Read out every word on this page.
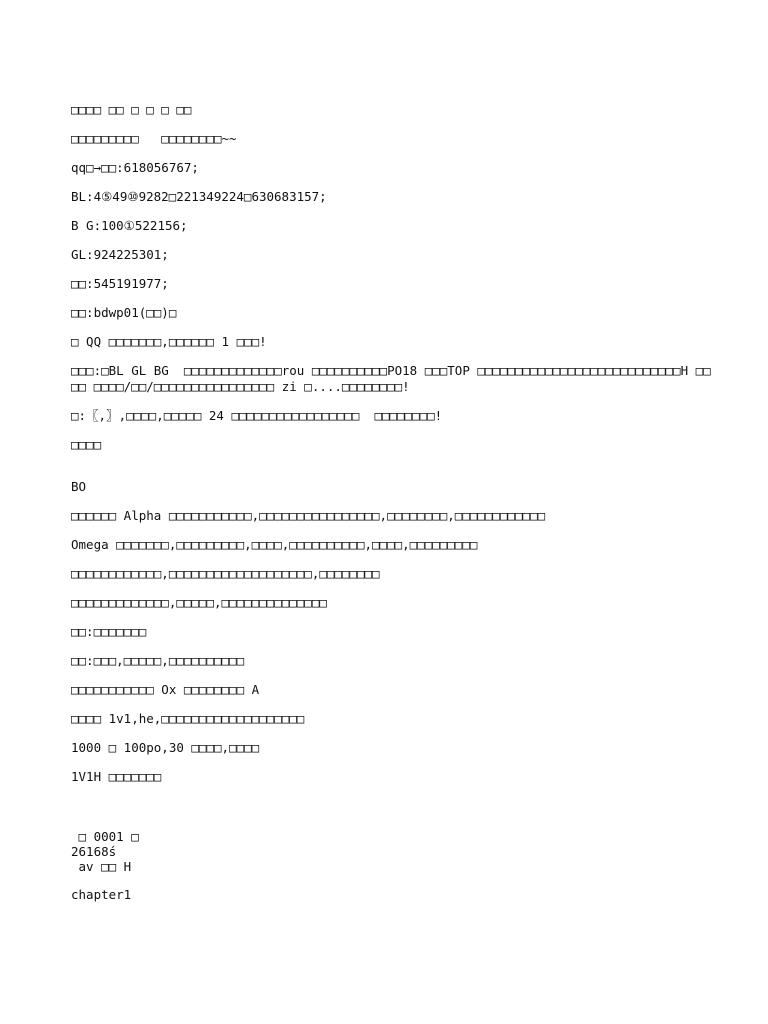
□□□□ □□ □ □ □ □□

□□□□□□□□□   □□□□□□□□~~

qq□→□□:618056767;

BL:4⑤49⑩9282□221349224□630683157;

B G:100①522156;

GL:924225301;

□□:545191977;

□□:bdwp01(□□)□

□ QQ □□□□□□□,□□□□□□ 1 □□□!

□□□:□BL GL BG  □□□□□□□□□□□□□rou □□□□□□□□□□PO18 □□□TOP □□□□□□□□□□□□□□□□□□□□□□□□□□□H □□□□ □□□□/□□/□□□□□□□□□□□□□□□□ zi □....□□□□□□□□!

□:〖,〗,□□□□,□□□□□ 24 □□□□□□□□□□□□□□□□□  □□□□□□□□!

□□□□

BO

□□□□□□ Alpha □□□□□□□□□□□,□□□□□□□□□□□□□□□□,□□□□□□□□,□□□□□□□□□□□□

Omega □□□□□□□,□□□□□□□□□,□□□□,□□□□□□□□□□,□□□□,□□□□□□□□□

□□□□□□□□□□□□,□□□□□□□□□□□□□□□□□□□,□□□□□□□□

□□□□□□□□□□□□□,□□□□□,□□□□□□□□□□□□□□

□□:□□□□□□□

□□:□□□,□□□□□,□□□□□□□□□□

□□□□□□□□□□□ Ox □□□□□□□□ A

□□□□ 1v1,he,□□□□□□□□□□□□□□□□□□□

1000 □ 100po,30 □□□□,□□□□

1V1H □□□□□□□

□ 0001 □

26168ś

av □□ H

chapter1
